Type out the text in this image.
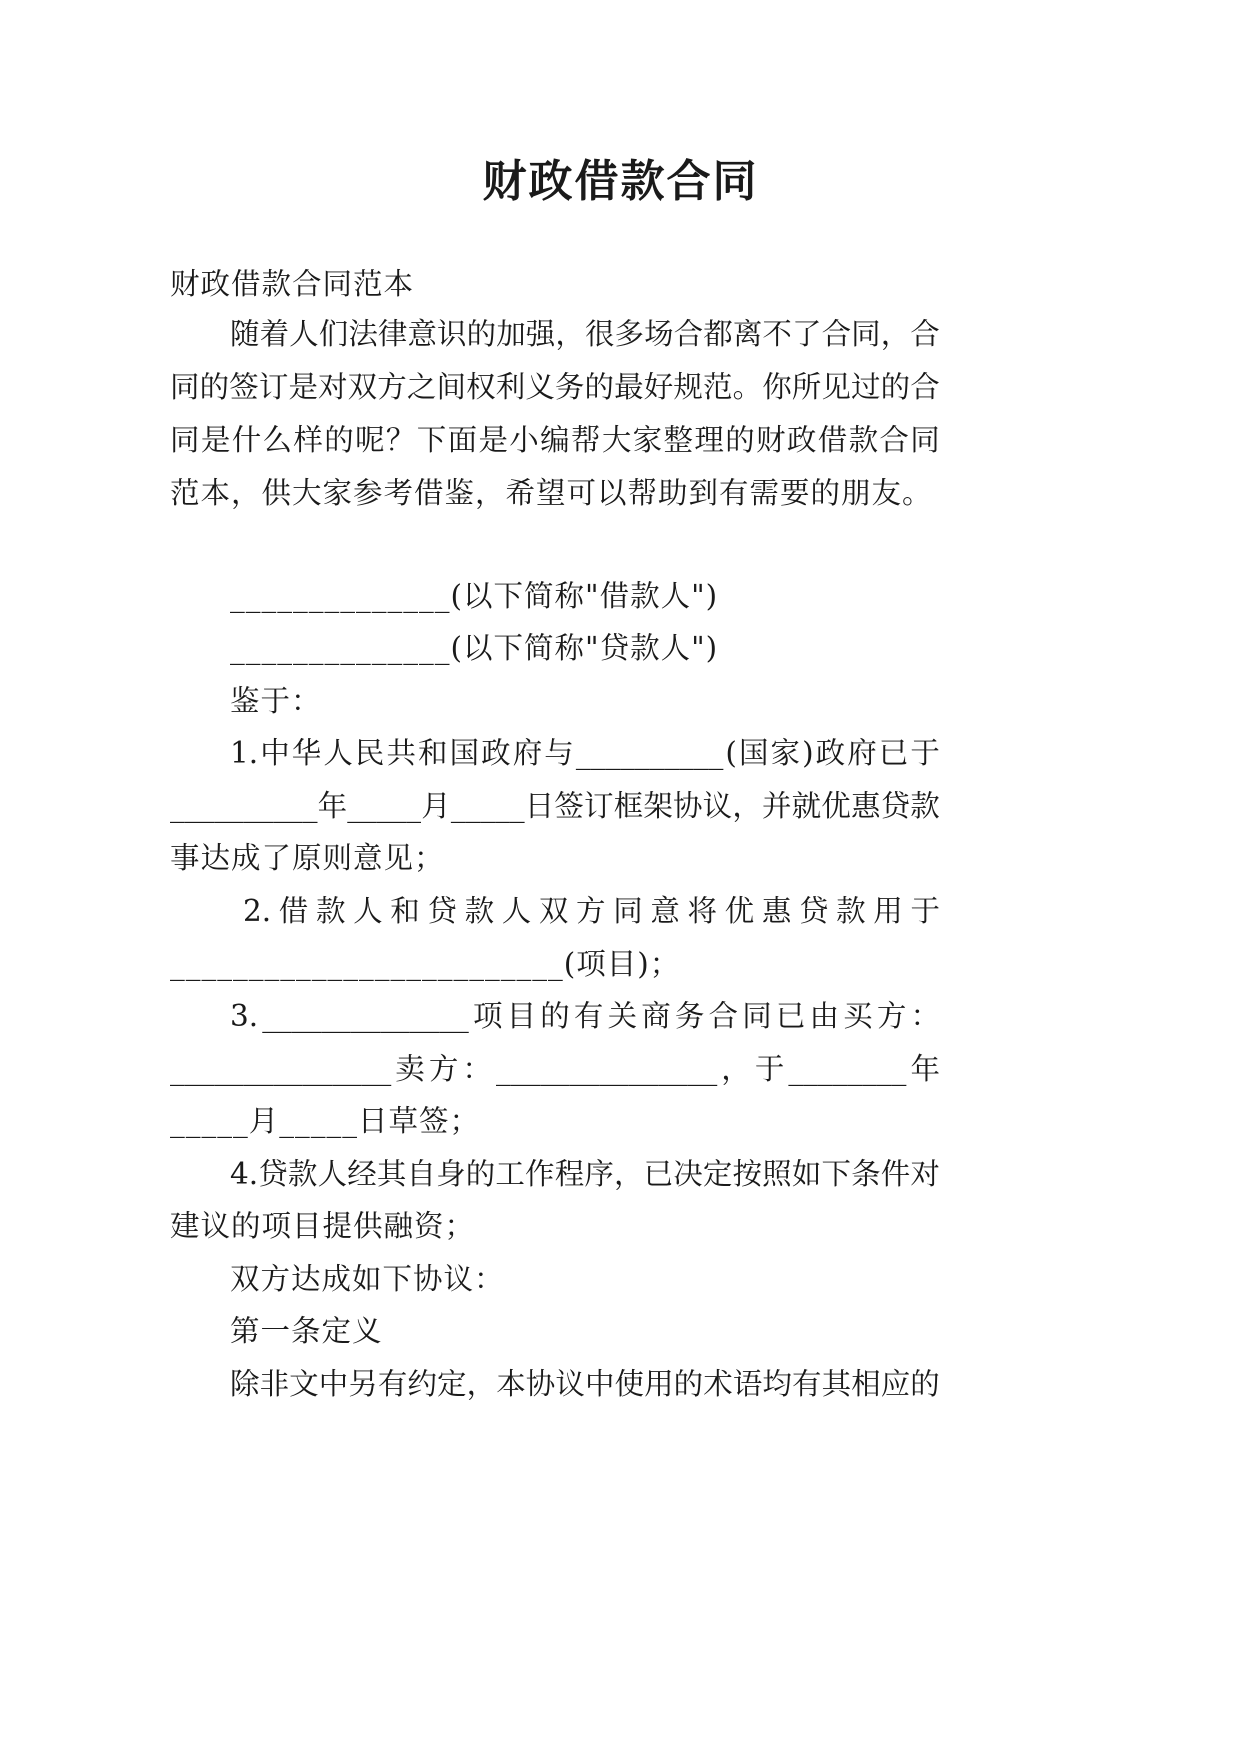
财政借款合同
财政借款合同范本
随 着 人 们 法 律 意 识 的 加 强 ， 很 多 场 合 都 离 不 了 合 同 ， 合
同 的 签 订 是 对 双 方 之 间 权 利 义 务 的 最 好 规 范 。 你 所 见 过 的 合
同 是 什 么 样 的 呢 ？ 下 面 是 小 编 帮 大 家 整 理 的 财 政 借 款 合 同
范本，供大家参考借鉴，希望可以帮助到有需要的朋友。
______________(以下简称"借款人")
______________(以下简称"贷款人")
鉴于：
1. 中 华 人 民 共 和 国 政 府 与 __________ ( 国 家 ) 政 府 已 于
__________ 年 _____ 月 _____ 日 签 订 框 架 协 议 ， 并 就 优 惠 贷 款
事达成了原则意见；
2. 借 款 人 和 贷 款 人 双 方 同 意 将 优 惠 贷 款 用 于
_________________________(项目)；
3. ______________ 项 目 的 有 关 商 务 合 同 已 由 买 方 ：
_______________ 卖 方 ： _______________ ， 于 ________ 年
_____月_____日草签；
4. 贷 款 人 经 其 自 身 的 工 作 程 序 ， 已 决 定 按 照 如 下 条 件 对
建议的项目提供融资；
双方达成如下协议：
第一条定义
除 非 文 中 另 有 约 定 ， 本 协 议 中 使 用 的 术 语 均 有 其 相 应 的
